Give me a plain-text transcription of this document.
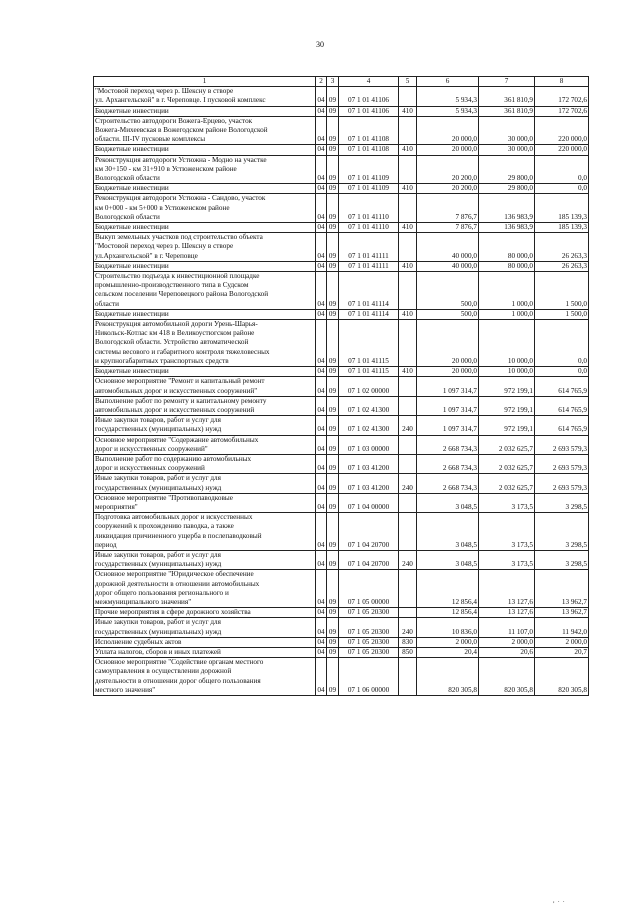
30
1	2	3	4	5	6	7	8
"Мостовой переход через р. Шексну в створе
ул. Архангельской" в г. Череповце. I пусковой комплекс	04	09	07 1 01 41106		5 934,3	361 810,9	172 702,6
Бюджетные инвестиции	04	09	07 1 01 41106	410	5 934,3	361 810,9	172 702,6
Строительство автодороги Вожега-Ерцево, участок
Вожега-Михеевская в Вожегодском районе Вологодской
области. III-IV пусковые комплексы	04	09	07 1 01 41108		20 000,0	30 000,0	220 000,0
Бюджетные инвестиции	04	09	07 1 01 41108	410	20 000,0	30 000,0	220 000,0
Реконструкция автодороги Устюжна - Модно на участке
км 30+150 - км 31+910 в Устюженском районе
Вологодской области	04	09	07 1 01 41109		20 200,0	29 800,0	0,0
Бюджетные инвестиции	04	09	07 1 01 41109	410	20 200,0	29 800,0	0,0
Реконструкция автодороги Устюжна - Сандово, участок
км 0+000 - км 5+000 в Устюженском районе
Вологодской области	04	09	07 1 01 41110		7 876,7	136 983,9	185 139,3
Бюджетные инвестиции	04	09	07 1 01 41110	410	7 876,7	136 983,9	185 139,3
Выкуп земельных участков под строительство объекта
"Мостовой переход через р. Шексну в створе
ул.Архангельской" в г. Череповце	04	09	07 1 01 41111		40 000,0	80 000,0	26 263,3
Бюджетные инвестиции	04	09	07 1 01 41111	410	40 000,0	80 000,0	26 263,3
Строительство подъезда к инвестиционной площадке
промышленно-производственного типа в Судском
сельском поселении Череповецкого района Вологодской
области	04	09	07 1 01 41114		500,0	1 000,0	1 500,0
Бюджетные инвестиции	04	09	07 1 01 41114	410	500,0	1 000,0	1 500,0
Реконструкция автомобильной дороги Урень-Шарья-
Никольск-Котлас км 418 в Великоустюгском районе
Вологодской области. Устройство автоматической
системы весового и габаритного контроля тяжеловесных
и крупногабаритных транспортных средств	04	09	07 1 01 41115		20 000,0	10 000,0	0,0
Бюджетные инвестиции	04	09	07 1 01 41115	410	20 000,0	10 000,0	0,0
Основное мероприятие "Ремонт и капитальный ремонт
автомобильных дорог и искусственных сооружений"	04	09	07 1 02 00000		1 097 314,7	972 199,1	614 765,9
Выполнение работ по ремонту и капитальному ремонту
автомобильных дорог и искусственных сооружений	04	09	07 1 02 41300		1 097 314,7	972 199,1	614 765,9
Иные закупки товаров, работ и услуг для
государственных (муниципальных) нужд	04	09	07 1 02 41300	240	1 097 314,7	972 199,1	614 765,9
Основное мероприятие "Содержание автомобильных
дорог и искусственных сооружений"	04	09	07 1 03 00000		2 668 734,3	2 032 625,7	2 693 579,3
Выполнение работ по содержанию автомобильных
дорог и искусственных сооружений	04	09	07 1 03 41200		2 668 734,3	2 032 625,7	2 693 579,3
Иные закупки товаров, работ и услуг для
государственных (муниципальных) нужд	04	09	07 1 03 41200	240	2 668 734,3	2 032 625,7	2 693 579,3
Основное мероприятие "Противопаводковые
мероприятия"	04	09	07 1 04 00000		3 048,5	3 173,5	3 298,5
Подготовка автомобильных дорог и искусственных
сооружений к прохождению паводка, а также
ликвидация причиненного ущерба в послепаводковый
период	04	09	07 1 04 20700		3 048,5	3 173,5	3 298,5
Иные закупки товаров, работ и услуг для
государственных (муниципальных) нужд	04	09	07 1 04 20700	240	3 048,5	3 173,5	3 298,5
Основное мероприятие "Юридическое обеспечение
дорожной деятельности в отношении автомобильных
дорог общего пользования регионального и
межмуниципального значения"	04	09	07 1 05 00000		12 856,4	13 127,6	13 962,7
Прочие мероприятия в сфере дорожного хозяйства	04	09	07 1 05 20300		12 856,4	13 127,6	13 962,7
Иные закупки товаров, работ и услуг для
государственных (муниципальных) нужд	04	09	07 1 05 20300	240	10 836,0	11 107,0	11 942,0
Исполнение судебных актов	04	09	07 1 05 20300	830	2 000,0	2 000,0	2 000,0
Уплата налогов, сборов и иных платежей	04	09	07 1 05 20300	850	20,4	20,6	20,7
Основное мероприятие "Содействие органам местного
самоуправления в осуществлении дорожной
деятельности в отношении дорог общего пользования
местного значения"	04	09	07 1 06 00000		820 305,8	820 305,8	820 305,8
, . .
